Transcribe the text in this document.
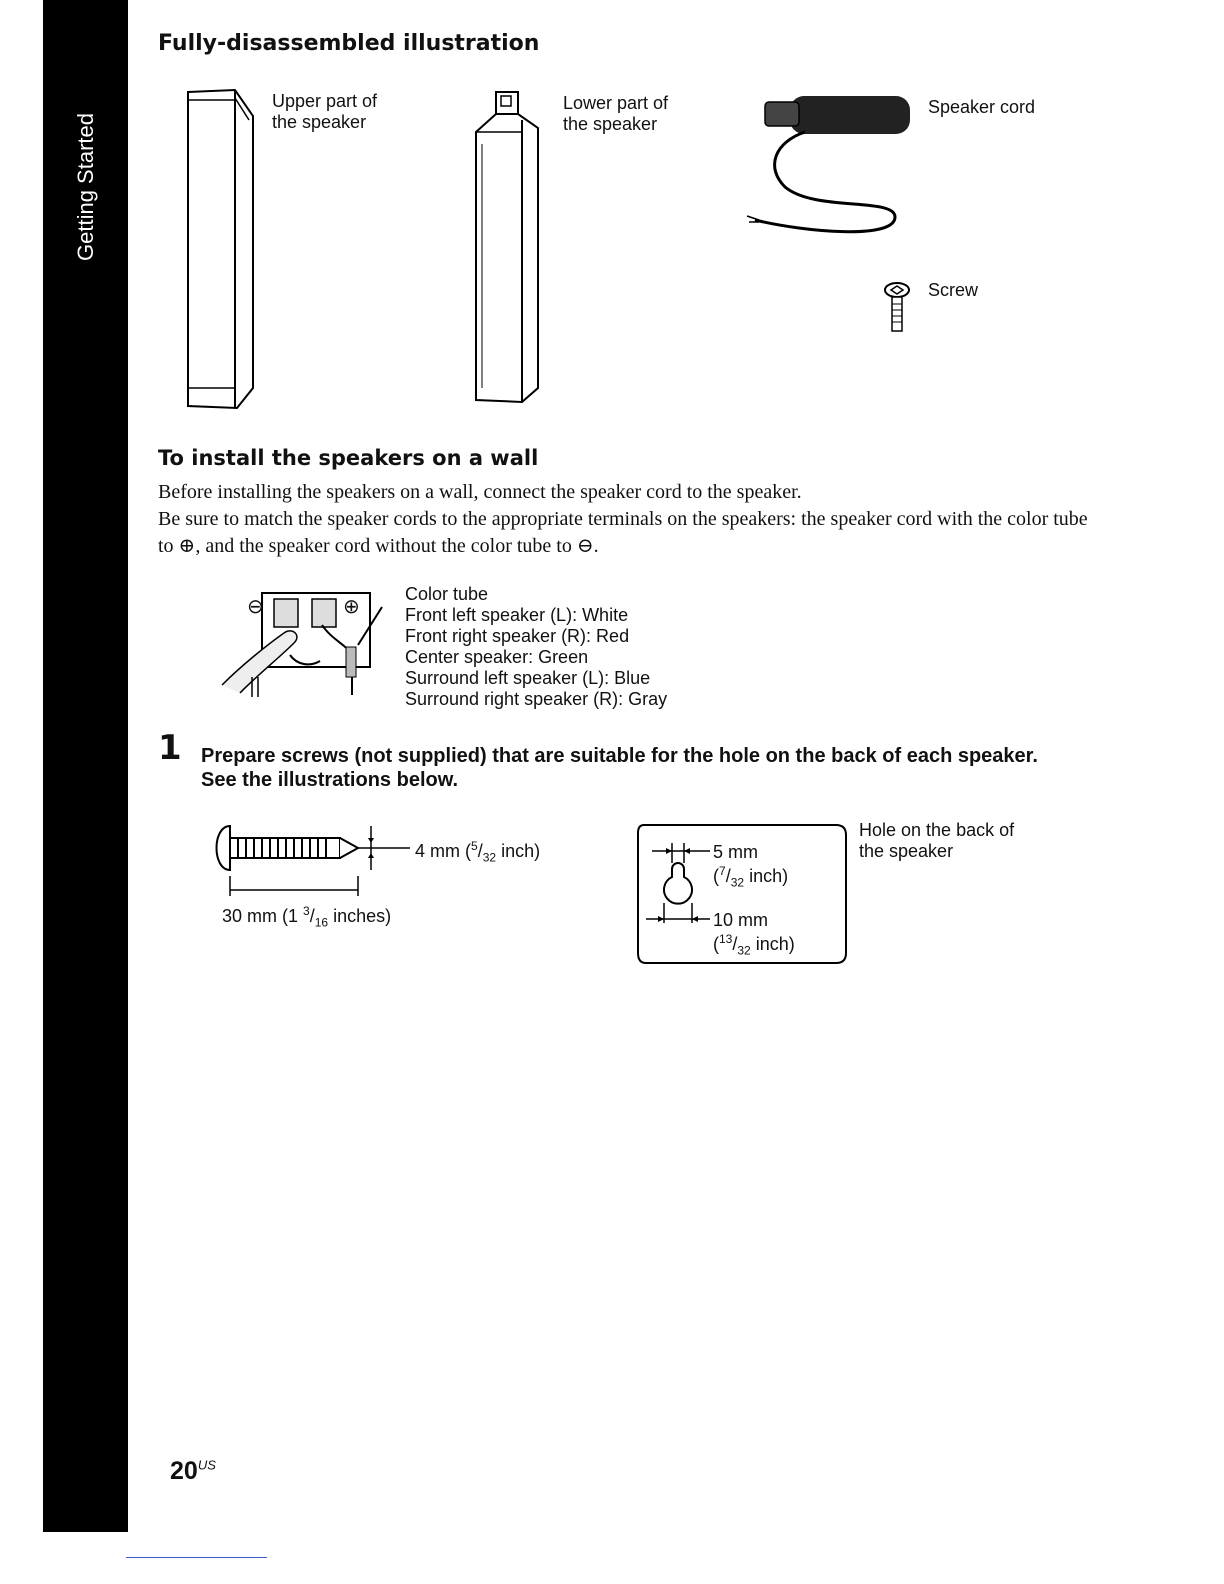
Getting Started
Fully-disassembled illustration
Upper part of
the speaker
Lower part of
the speaker
Speaker cord
Screw
To install the speakers on a wall

Before installing the speakers on a wall, connect the speaker cord to the speaker.

Be sure to match the speaker cords to the appropriate terminals on the speakers: the speaker cord with the color tube to ⊕, and the speaker cord without the color tube to ⊖.

⊖	⊕
Color tube
Front left speaker (L): White
Front right speaker (R): Red
Center speaker: Green
Surround left speaker (L): Blue
Surround right speaker (R): Gray
1 Prepare screws (not supplied) that are suitable for the hole on the back of each speaker.
See the illustrations below.
4 mm ($^5/_{32}$ inch)
30 mm (1 $^3/_{16}$ inches)
5 mm
($^7/_{32}$ inch)
10 mm
($^{13}/_{32}$ inch)
Hole on the back of
the speaker
$20^{US}$
